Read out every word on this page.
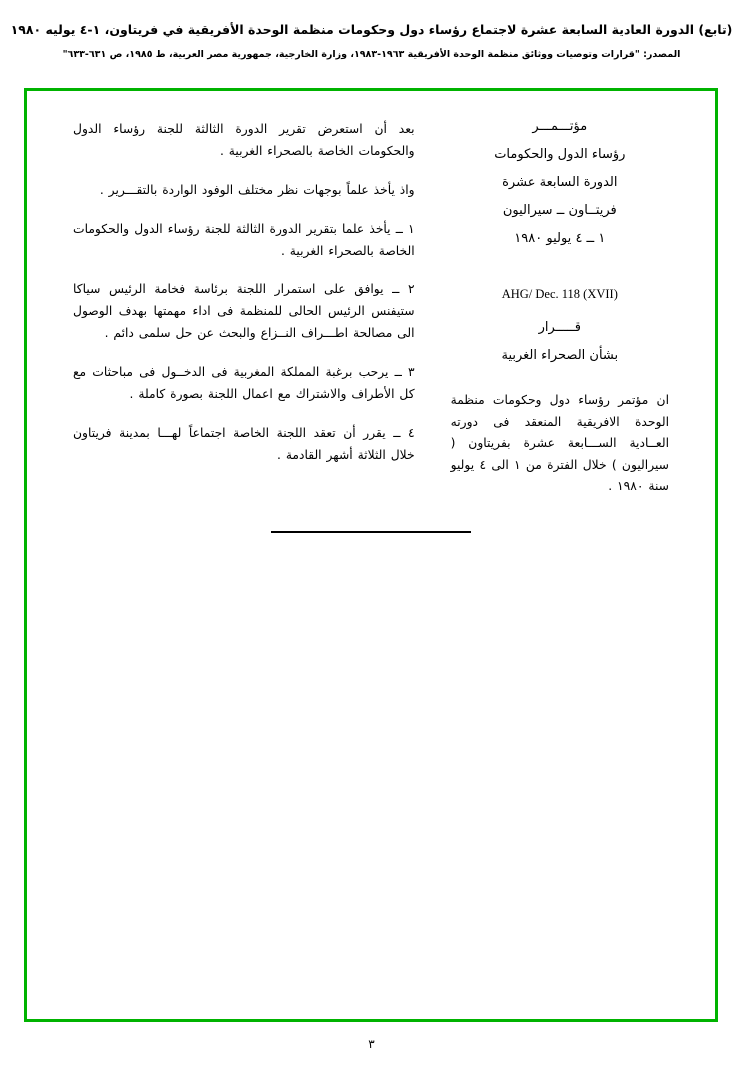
(تابع) الدورة العادية السابعة عشرة لاجتماع رؤساء دول وحكومات منظمة الوحدة الأفريقية في فريتاون، ١-٤ يوليه ١٩٨٠
المصدر: "قرارات وتوصيات ووثائق منظمة الوحدة الأفريقية ١٩٦٣-١٩٨٣، وزارة الخارجية، جمهورية مصر العربية، ط ١٩٨٥، ص ٦٣١-٦٣٣"
مؤتـــمـــر
رؤساء الدول والحكومات
الدورة السابعة عشرة
فريتــاون ــ سيراليون
١ ــ ٤ يوليو ١٩٨٠
AHG/ Dec. 118 (XVII)
قـــــرار
بشأن الصحراء الغربية
ان مؤتمر رؤساء دول وحكومات منظمة الوحدة الافريقية المنعقد فى دورته العــادية الســـابعة عشرة بفريتاون ( سيراليون ) خلال الفترة من ١ الى ٤ يوليو سنة ١٩٨٠ .
بعد أن استعرض تقرير الدورة الثالثة للجنة رؤساء الدول والحكومات الخاصة بالصحراء الغربية .
واذ يأخذ علماً بوجهات نظر مختلف الوفود الواردة بالتقـــرير .
١ ــ يأخذ علما بتقرير الدورة الثالثة للجنة رؤساء الدول والحكومات الخاصة بالصحراء الغربية .
٢ ــ يوافق على استمرار اللجنة برئاسة فخامة الرئيس سياكا ستيفنس الرئيس الحالى للمنظمة فى اداء مهمتها بهدف الوصول الى مصالحة اطـــراف النــزاع والبحث عن حل سلمى دائم .
٣ ــ يرحب برغبة المملكة المغربية فى الدخــول فى مباحثات مع كل الأطراف والاشتراك مع اعمال اللجنة بصورة كاملة .
٤ ــ يقرر أن تعقد اللجنة الخاصة اجتماعاً لهـــا بمدينة فريتاون خلال الثلاثة أشهر القادمة .
٣
